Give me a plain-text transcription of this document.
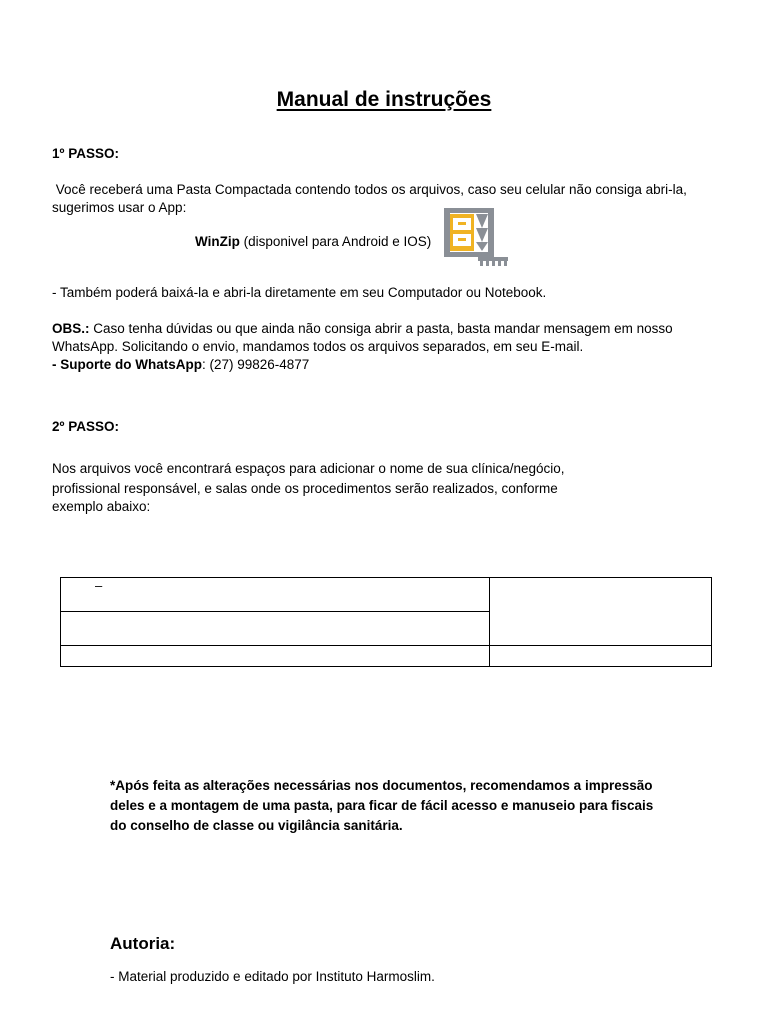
Manual de instruções
1º PASSO:
Você receberá uma Pasta Compactada contendo todos os arquivos, caso seu celular não consiga abri-la,
sugerimos usar o App:
WinZip (disponivel para Android e IOS)
- Também poderá baixá-la e abri-la diretamente em seu Computador ou Notebook.
OBS.: Caso tenha dúvidas ou que ainda não consiga abrir a pasta, basta mandar mensagem em nosso
WhatsApp. Solicitando o envio, mandamos todos os arquivos separados, em seu E-mail.
- Suporte do WhatsApp: (27) 99826-4877
2º PASSO:
Nos arquivos você encontrará espaços para adicionar o nome de sua clínica/negócio,
profissional responsável, e salas onde os procedimentos serão realizados, conforme
exemplo abaixo:
–	

*Após feita as alterações necessárias nos documentos, recomendamos a impressão
deles e a montagem de uma pasta, para ficar de fácil acesso e manuseio para fiscais
do conselho de classe ou vigilância sanitária.
Autoria:
- Material produzido e editado por Instituto Harmoslim.
